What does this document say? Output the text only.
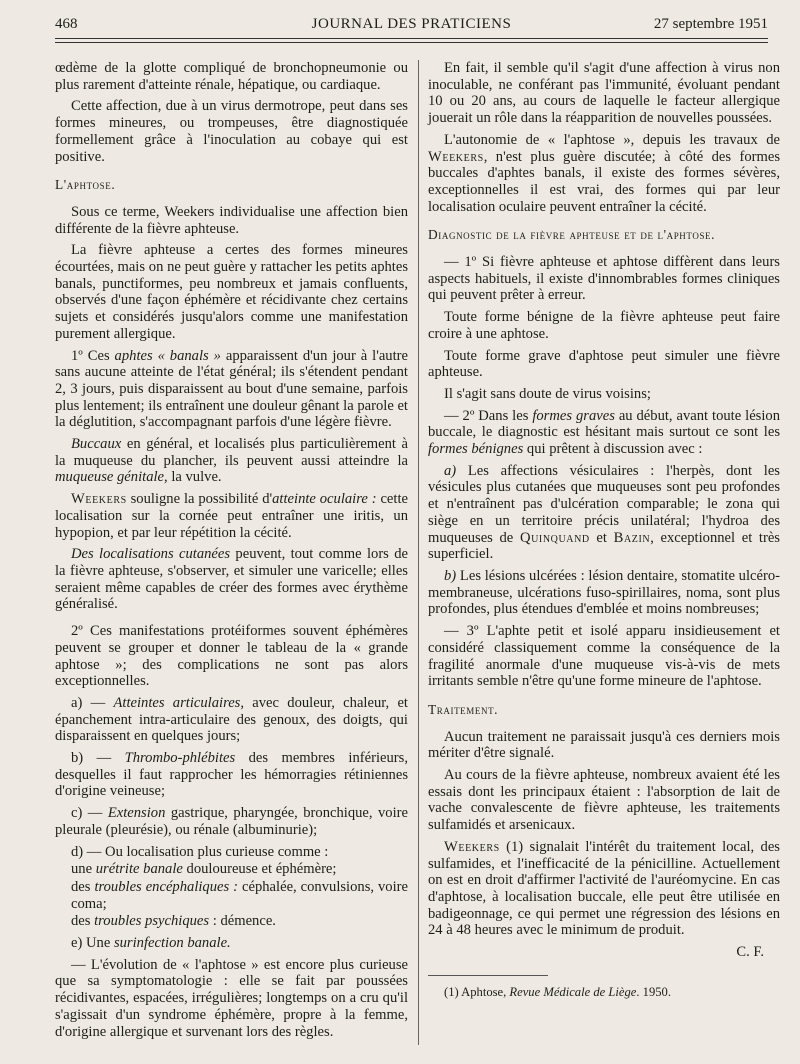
468	JOURNAL DES PRATICIENS	27 septembre 1951

œdème de la glotte compliqué de bronchopneumonie ou plus rarement d'atteinte rénale, hépatique, ou cardiaque.

Cette affection, due à un virus dermotrope, peut dans ses formes mineures, ou trompeuses, être diagnostiquée formellement grâce à l'inoculation au cobaye qui est positive.

L'aphtose.

Sous ce terme, Weekers individualise une affection bien différente de la fièvre aphteuse.

La fièvre aphteuse a certes des formes mineures écourtées, mais on ne peut guère y rattacher les petits aphtes banals, punctiformes, peu nombreux et jamais confluents, observés d'une façon éphémère et récidivante chez certains sujets et considérés jusqu'alors comme une manifestation purement allergique.

1º Ces aphtes « banals » apparaissent d'un jour à l'autre sans aucune atteinte de l'état général; ils s'étendent pendant 2, 3 jours, puis disparaissent au bout d'une semaine, parfois plus lentement; ils entraînent une douleur gênant la parole et la déglutition, s'accompagnant parfois d'une légère fièvre.

Buccaux en général, et localisés plus particulièrement à la muqueuse du plancher, ils peuvent aussi atteindre la muqueuse génitale, la vulve.

Weekers souligne la possibilité d'atteinte oculaire : cette localisation sur la cornée peut entraîner une iritis, un hypopion, et par leur répétition la cécité.

Des localisations cutanées peuvent, tout comme lors de la fièvre aphteuse, s'observer, et simuler une varicelle; elles seraient même capables de créer des formes avec érythème généralisé.

2º Ces manifestations protéiformes souvent éphémères peuvent se grouper et donner le tableau de la « grande aphtose »; des complications ne sont pas alors exceptionnelles.

a) — Atteintes articulaires, avec douleur, chaleur, et épanchement intra-articulaire des genoux, des doigts, qui disparaissent en quelques jours;

b) — Thrombo-phlébites des membres inférieurs, desquelles il faut rapprocher les hémorragies rétiniennes d'origine veineuse;

c) — Extension gastrique, pharyngée, bronchique, voire pleurale (pleurésie), ou rénale (albuminurie);

d) — Ou localisation plus curieuse comme :

une urétrite banale douloureuse et éphémère;

des troubles encéphaliques : céphalée, convulsions, voire coma;

des troubles psychiques : démence.

e) Une surinfection banale.

— L'évolution de « l'aphtose » est encore plus curieuse que sa symptomatologie : elle se fait par poussées récidivantes, espacées, irrégulières; longtemps on a cru qu'il s'agissait d'un syndrome éphémère, propre à la femme, d'origine allergique et survenant lors des règles.

En fait, il semble qu'il s'agit d'une affection à virus non inoculable, ne conférant pas l'immunité, évoluant pendant 10 ou 20 ans, au cours de laquelle le facteur allergique jouerait un rôle dans la réapparition de nouvelles poussées.

L'autonomie de « l'aphtose », depuis les travaux de Weekers, n'est plus guère discutée; à côté des formes buccales d'aphtes banals, il existe des formes sévères, exceptionnelles il est vrai, des formes qui par leur localisation oculaire peuvent entraîner la cécité.

Diagnostic de la fièvre aphteuse et de l'aphtose.

— 1º Si fièvre aphteuse et aphtose diffèrent dans leurs aspects habituels, il existe d'innombrables formes cliniques qui peuvent prêter à erreur.

Toute forme bénigne de la fièvre aphteuse peut faire croire à une aphtose.

Toute forme grave d'aphtose peut simuler une fièvre aphteuse.

Il s'agit sans doute de virus voisins;

— 2º Dans les formes graves au début, avant toute lésion buccale, le diagnostic est hésitant mais surtout ce sont les formes bénignes qui prêtent à discussion avec :

a) Les affections vésiculaires : l'herpès, dont les vésicules plus cutanées que muqueuses sont peu profondes et n'entraînent pas d'ulcération comparable; le zona qui siège en un territoire précis unilatéral; l'hydroa des muqueuses de Quinquand et Bazin, exceptionnel et très superficiel.

b) Les lésions ulcérées : lésion dentaire, stomatite ulcéro-membraneuse, ulcérations fuso-spirillaires, noma, sont plus profondes, plus étendues d'emblée et moins nombreuses;

— 3º L'aphte petit et isolé apparu insidieusement et considéré classiquement comme la conséquence de la fragilité anormale d'une muqueuse vis-à-vis de mets irritants semble n'être qu'une forme mineure de l'aphtose.

Traitement.

Aucun traitement ne paraissait jusqu'à ces derniers mois mériter d'être signalé.

Au cours de la fièvre aphteuse, nombreux avaient été les essais dont les principaux étaient : l'absorption de lait de vache convalescente de fièvre aphteuse, les traitements sulfamidés et arsenicaux.

Weekers (1) signalait l'intérêt du traitement local, des sulfamides, et l'inefficacité de la pénicilline. Actuellement on est en droit d'affirmer l'activité de l'auréomycine. En cas d'aphtose, à localisation buccale, elle peut être utilisée en badigeonnage, ce qui permet une régression des lésions en 24 à 48 heures avec le minimum de produit.

C. F.

(1) Aphtose, Revue Médicale de Liège. 1950.
